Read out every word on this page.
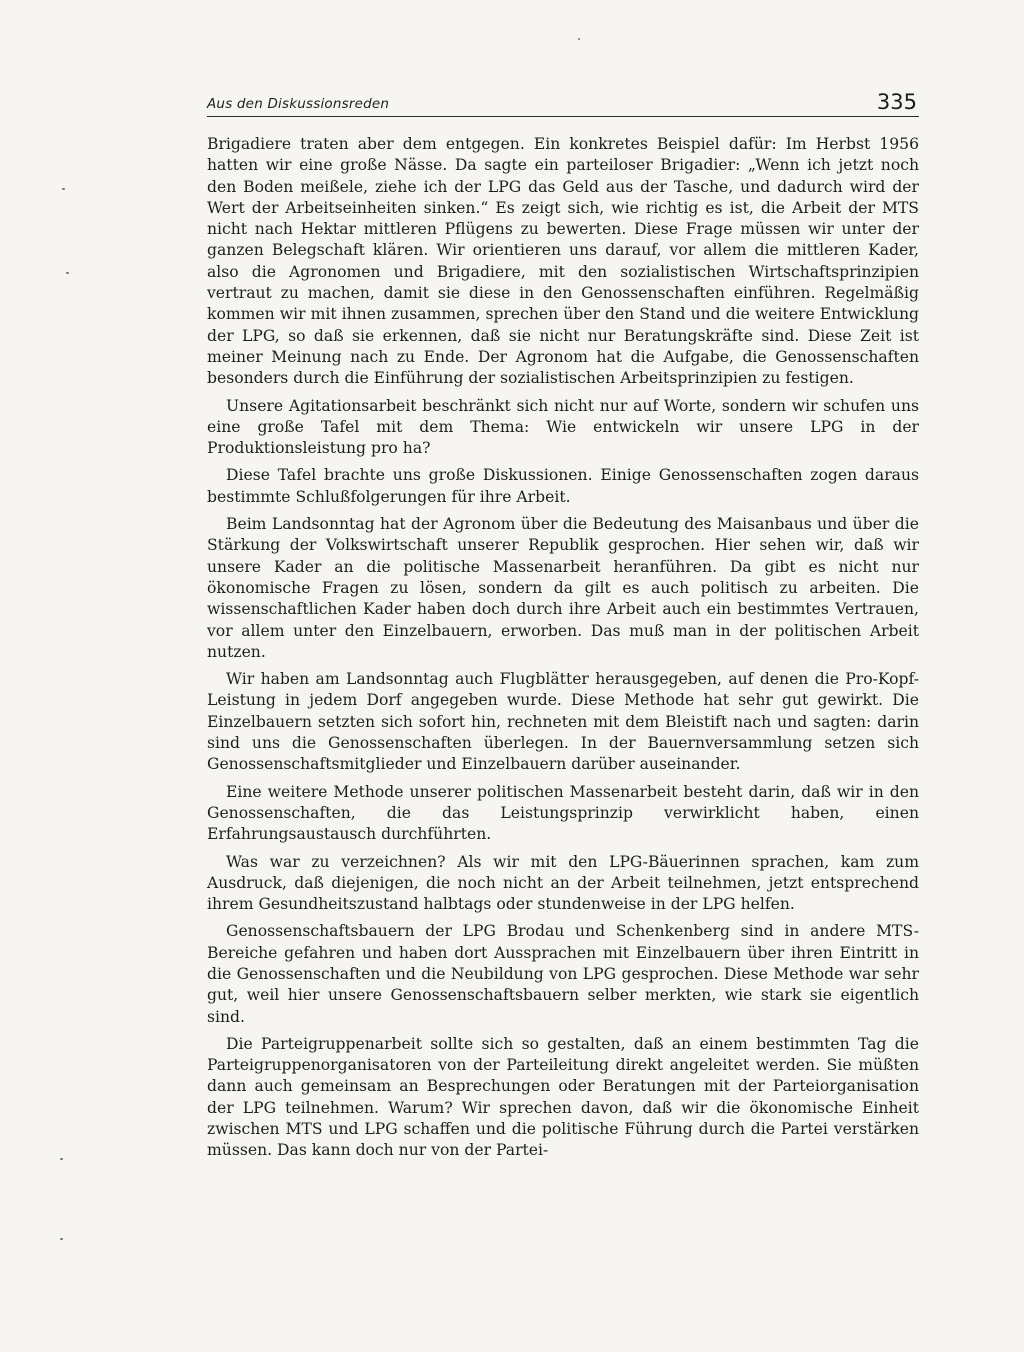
Aus den Diskussionsreden	335

Brigadiere traten aber dem entgegen. Ein konkretes Beispiel dafür: Im Herbst 1956 hatten wir eine große Nässe. Da sagte ein parteiloser Brigadier: „Wenn ich jetzt noch den Boden meißele, ziehe ich der LPG das Geld aus der Tasche, und dadurch wird der Wert der Arbeitseinheiten sinken.“ Es zeigt sich, wie richtig es ist, die Arbeit der MTS nicht nach Hektar mittleren Pflügens zu bewerten. Diese Frage müssen wir unter der ganzen Belegschaft klären. Wir orientieren uns darauf, vor allem die mittleren Kader, also die Agronomen und Brigadiere, mit den sozialistischen Wirtschaftsprinzipien vertraut zu machen, damit sie diese in den Genossenschaften einführen. Regelmäßig kommen wir mit ihnen zusammen, sprechen über den Stand und die weitere Entwicklung der LPG, so daß sie erkennen, daß sie nicht nur Beratungskräfte sind. Diese Zeit ist meiner Meinung nach zu Ende. Der Agronom hat die Aufgabe, die Genossenschaften besonders durch die Einführung der sozialistischen Arbeitsprinzipien zu festigen.

Unsere Agitationsarbeit beschränkt sich nicht nur auf Worte, sondern wir schufen uns eine große Tafel mit dem Thema: Wie entwickeln wir unsere LPG in der Produktionsleistung pro ha?

Diese Tafel brachte uns große Diskussionen. Einige Genossenschaften zogen daraus bestimmte Schlußfolgerungen für ihre Arbeit.

Beim Landsonntag hat der Agronom über die Bedeutung des Maisanbaus und über die Stärkung der Volkswirtschaft unserer Republik gesprochen. Hier sehen wir, daß wir unsere Kader an die politische Massenarbeit heranführen. Da gibt es nicht nur ökonomische Fragen zu lösen, sondern da gilt es auch politisch zu arbeiten. Die wissenschaftlichen Kader haben doch durch ihre Arbeit auch ein bestimmtes Vertrauen, vor allem unter den Einzelbauern, erworben. Das muß man in der politischen Arbeit nutzen.

Wir haben am Landsonntag auch Flugblätter herausgegeben, auf denen die Pro-Kopf-Leistung in jedem Dorf angegeben wurde. Diese Methode hat sehr gut gewirkt. Die Einzelbauern setzten sich sofort hin, rechneten mit dem Bleistift nach und sagten: darin sind uns die Genossenschaften überlegen. In der Bauernversammlung setzen sich Genossenschaftsmitglieder und Einzelbauern darüber auseinander.

Eine weitere Methode unserer politischen Massenarbeit besteht darin, daß wir in den Genossenschaften, die das Leistungsprinzip verwirklicht haben, einen Erfahrungsaustausch durchführten.

Was war zu verzeichnen? Als wir mit den LPG-Bäuerinnen sprachen, kam zum Ausdruck, daß diejenigen, die noch nicht an der Arbeit teilnehmen, jetzt entsprechend ihrem Gesundheitszustand halbtags oder stundenweise in der LPG helfen.

Genossenschaftsbauern der LPG Brodau und Schenkenberg sind in andere MTS-Bereiche gefahren und haben dort Aussprachen mit Einzelbauern über ihren Eintritt in die Genossenschaften und die Neubildung von LPG gesprochen. Diese Methode war sehr gut, weil hier unsere Genossenschaftsbauern selber merkten, wie stark sie eigentlich sind.

Die Parteigruppenarbeit sollte sich so gestalten, daß an einem bestimmten Tag die Parteigruppenorganisatoren von der Parteileitung direkt angeleitet werden. Sie müßten dann auch gemeinsam an Besprechungen oder Beratungen mit der Parteiorganisation der LPG teilnehmen. Warum? Wir sprechen davon, daß wir die ökonomische Einheit zwischen MTS und LPG schaffen und die politische Führung durch die Partei verstärken müssen. Das kann doch nur von der Partei-
